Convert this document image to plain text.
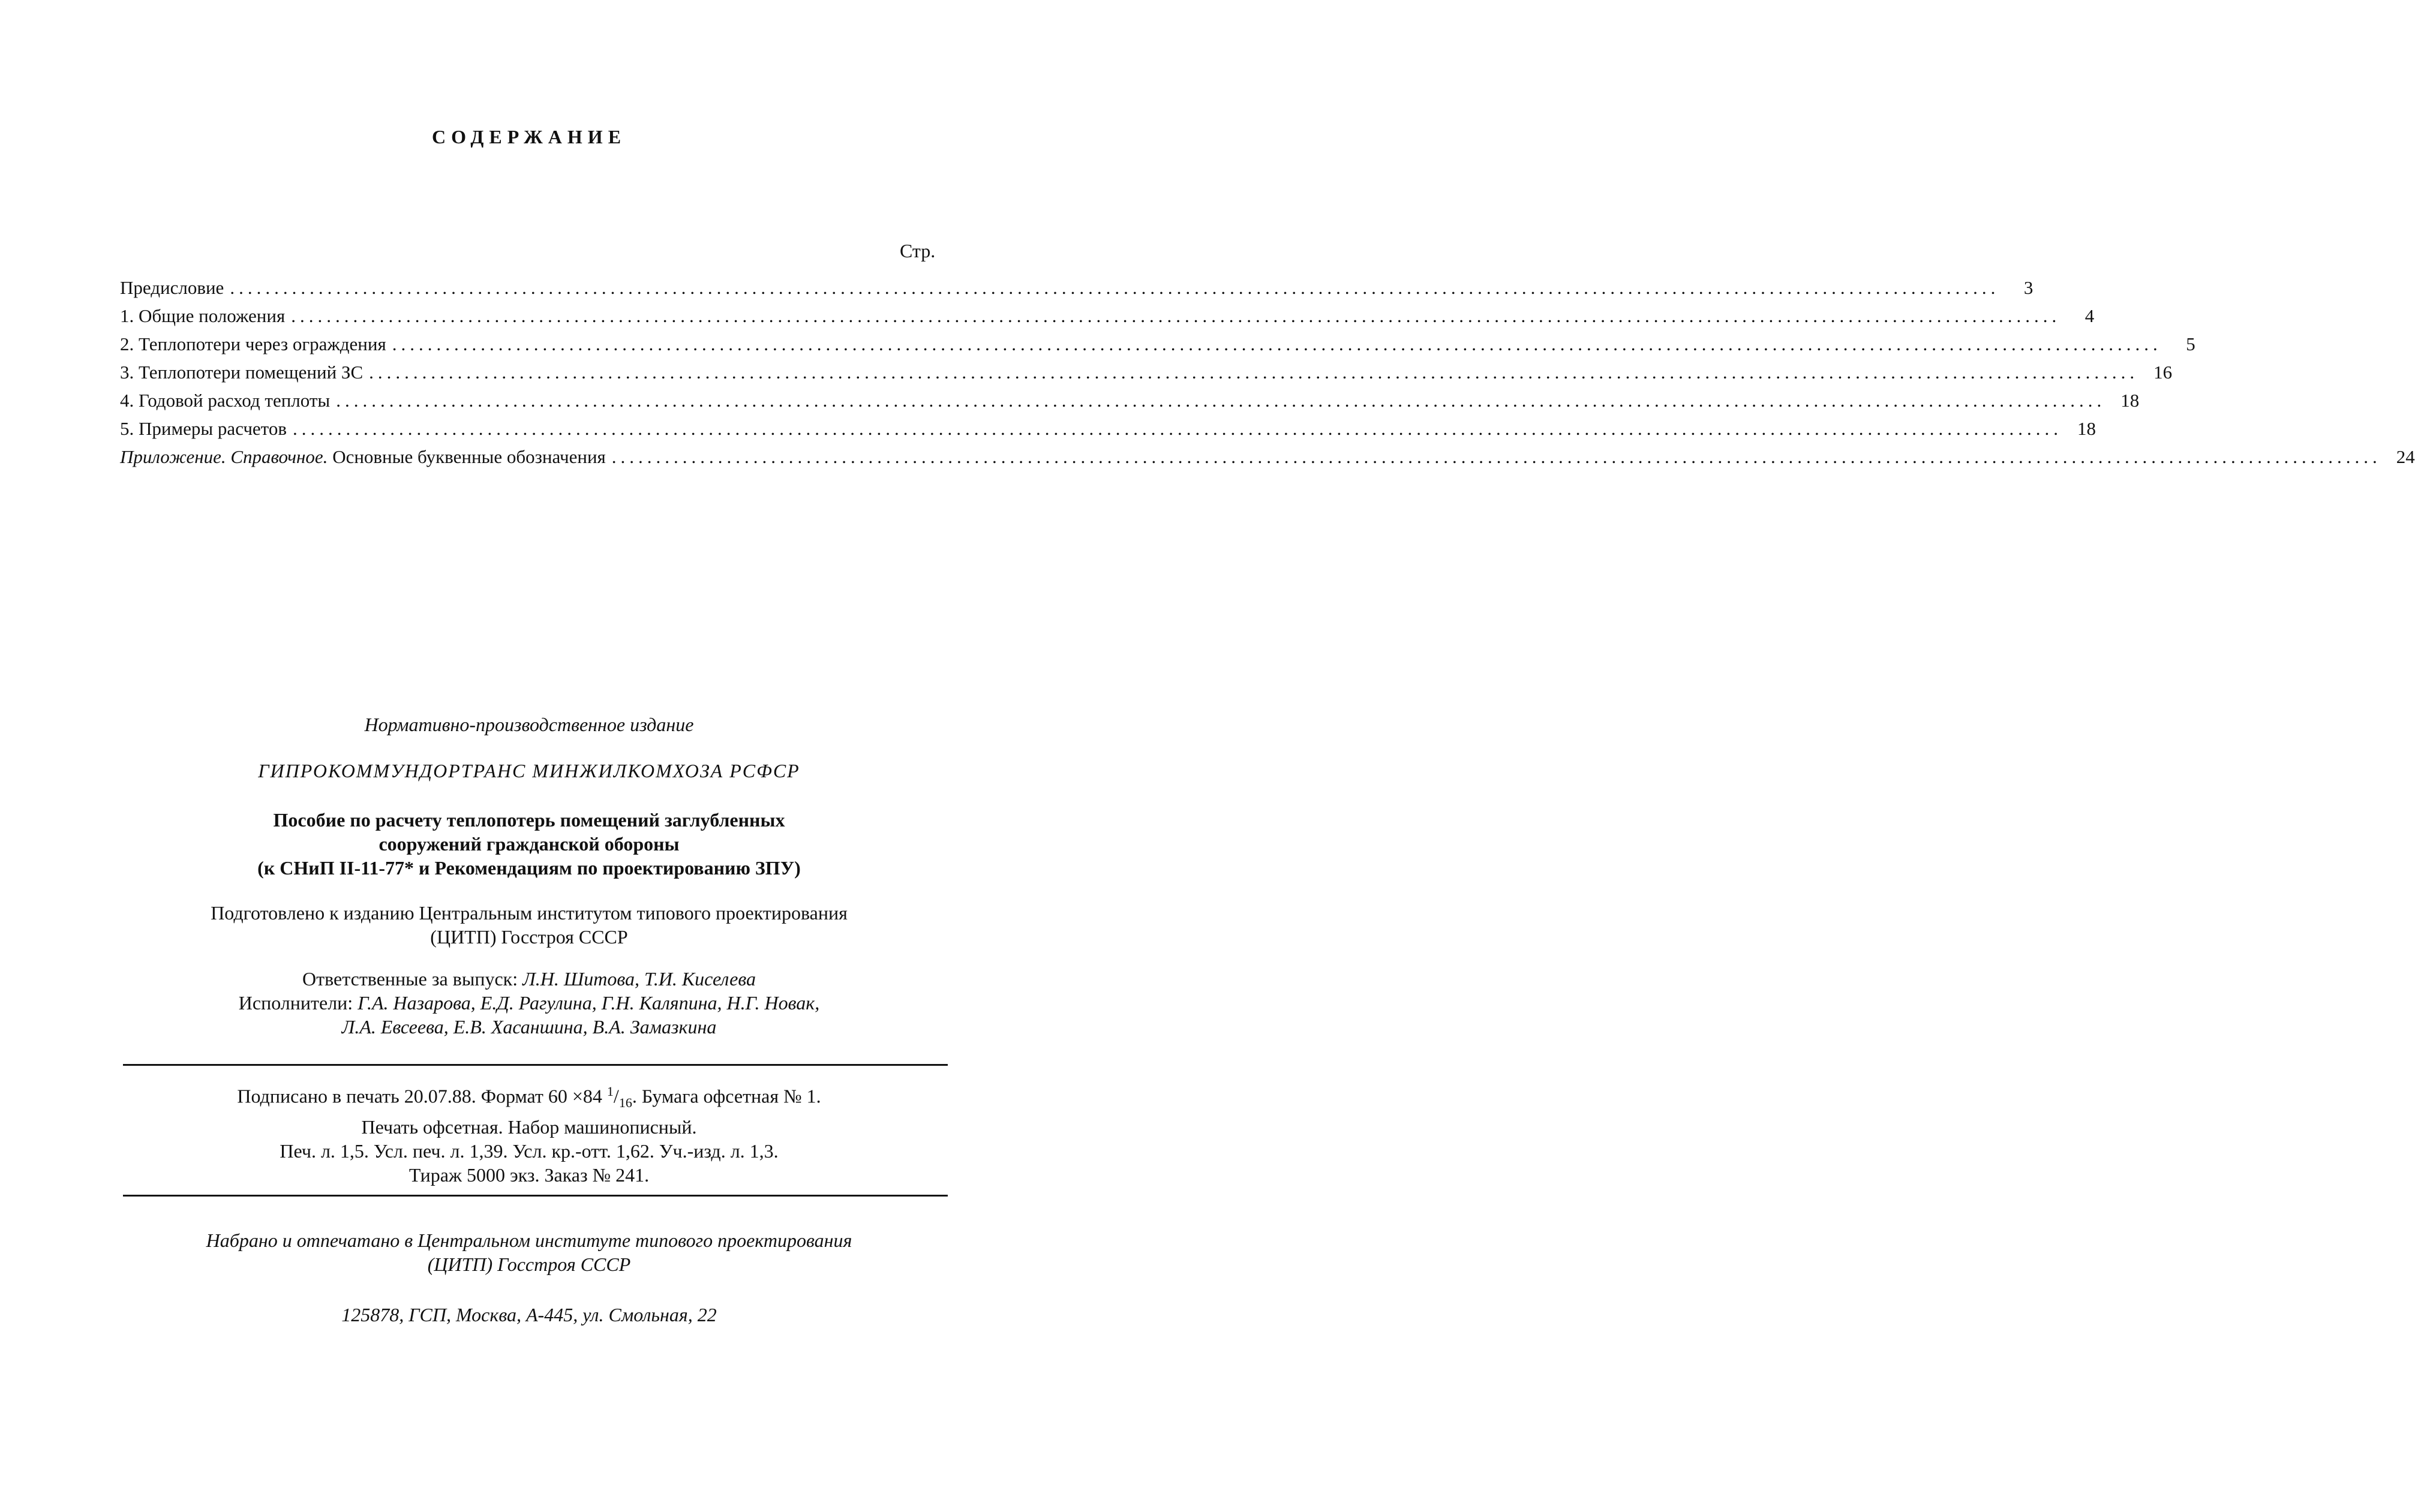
СОДЕРЖАНИЕ
Стр.
Предисловие ........................................................................................................................................................................................................	3
1. Общие положения ........................................................................................................................................................................................................	4
2. Теплопотери через ограждения ........................................................................................................................................................................................................	5
3. Теплопотери помещений ЗС ........................................................................................................................................................................................................ 16
4. Годовой расход теплоты ........................................................................................................................................................................................................ 18
5. Примеры расчетов ........................................................................................................................................................................................................ 18
Приложение. Справочное. Основные буквенные обозначения ........................................................................................................................................................................................................ 24
Нормативно-производственное издание
ГИПРОКОММУНДОРТРАНС МИНЖИЛКОМХОЗА РСФСР
Пособие по расчету теплопотерь помещений заглубленных
сооружений гражданской обороны
(к СНиП II-11-77* и Рекомендациям по проектированию ЗПУ)
Подготовлено к изданию Центральным институтом типового проектирования
(ЦИТП) Госстроя СССР
Ответственные за выпуск: Л.Н. Шитова, Т.И. Киселева
Исполнители: Г.А. Назарова, Е.Д. Рагулина, Г.Н. Каляпина, Н.Г. Новак,
Л.А. Евсеева, Е.В. Хасаншина, В.А. Замазкина
Подписано в печать 20.07.88. Формат 60 ×84 $^1/_{16}$. Бумага офсетная № 1.
Печать офсетная. Набор машинописный.
Печ. л. 1,5. Усл. печ. л. 1,39. Усл. кр.-отт. 1,62. Уч.-изд. л. 1,3.
Тираж 5000 экз. Заказ № 241.
Набрано и отпечатано в Центральном институте типового проектирования
(ЦИТП) Госстроя СССР
125878, ГСП, Москва, А-445, ул. Смольная, 22
